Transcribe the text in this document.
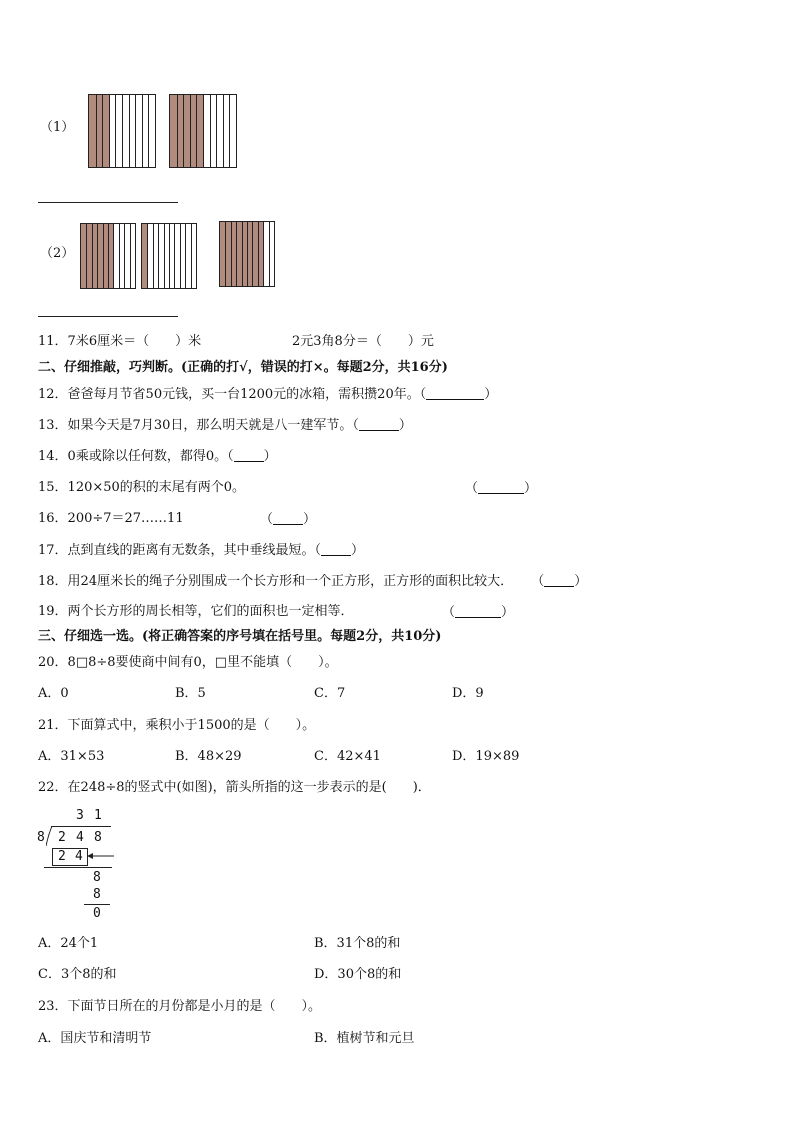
（1）
（2）
11．7米6厘米＝（　　）米	2元3角8分＝（　　）元
二、仔细推敲，巧判断。(正确的打√，错误的打×。每题2分，共16分)
12．爸爸每月节省50元钱，买一台1200元的冰箱，需积攒20年。（	）
13．如果今天是7月30日，那么明天就是八一建军节。（	）
14．0乘或除以任何数，都得0。（ ）
15．120×50的积的末尾有两个0。	（	）
16．200÷7＝27……11	（ ）
17．点到直线的距离有无数条，其中垂线最短。（ ）
18．用24厘米长的绳子分别围成一个长方形和一个正方形，正方形的面积比较大． （ ）
19．两个长方形的周长相等，它们的面积也一定相等．	（	）
三、仔细选一选。(将正确答案的序号填在括号里。每题2分，共10分)
20．8□8÷8要使商中间有0，□里不能填（　　）。
A．0	B．5	C．7	D．9
21．下面算式中，乘积小于1500的是（　　）。
A．31×53	B．48×29	C．42×41	D．19×89
22．在248÷8的竖式中(如图)，箭头所指的这一步表示的是(　　)．
3 1
8 2 4 8
2 4
8
8
0
A．24个1	B．31个8的和
C．3个8的和	D．30个8的和
23．下面节日所在的月份都是小月的是（　　）。
A．国庆节和清明节	B．植树节和元旦
